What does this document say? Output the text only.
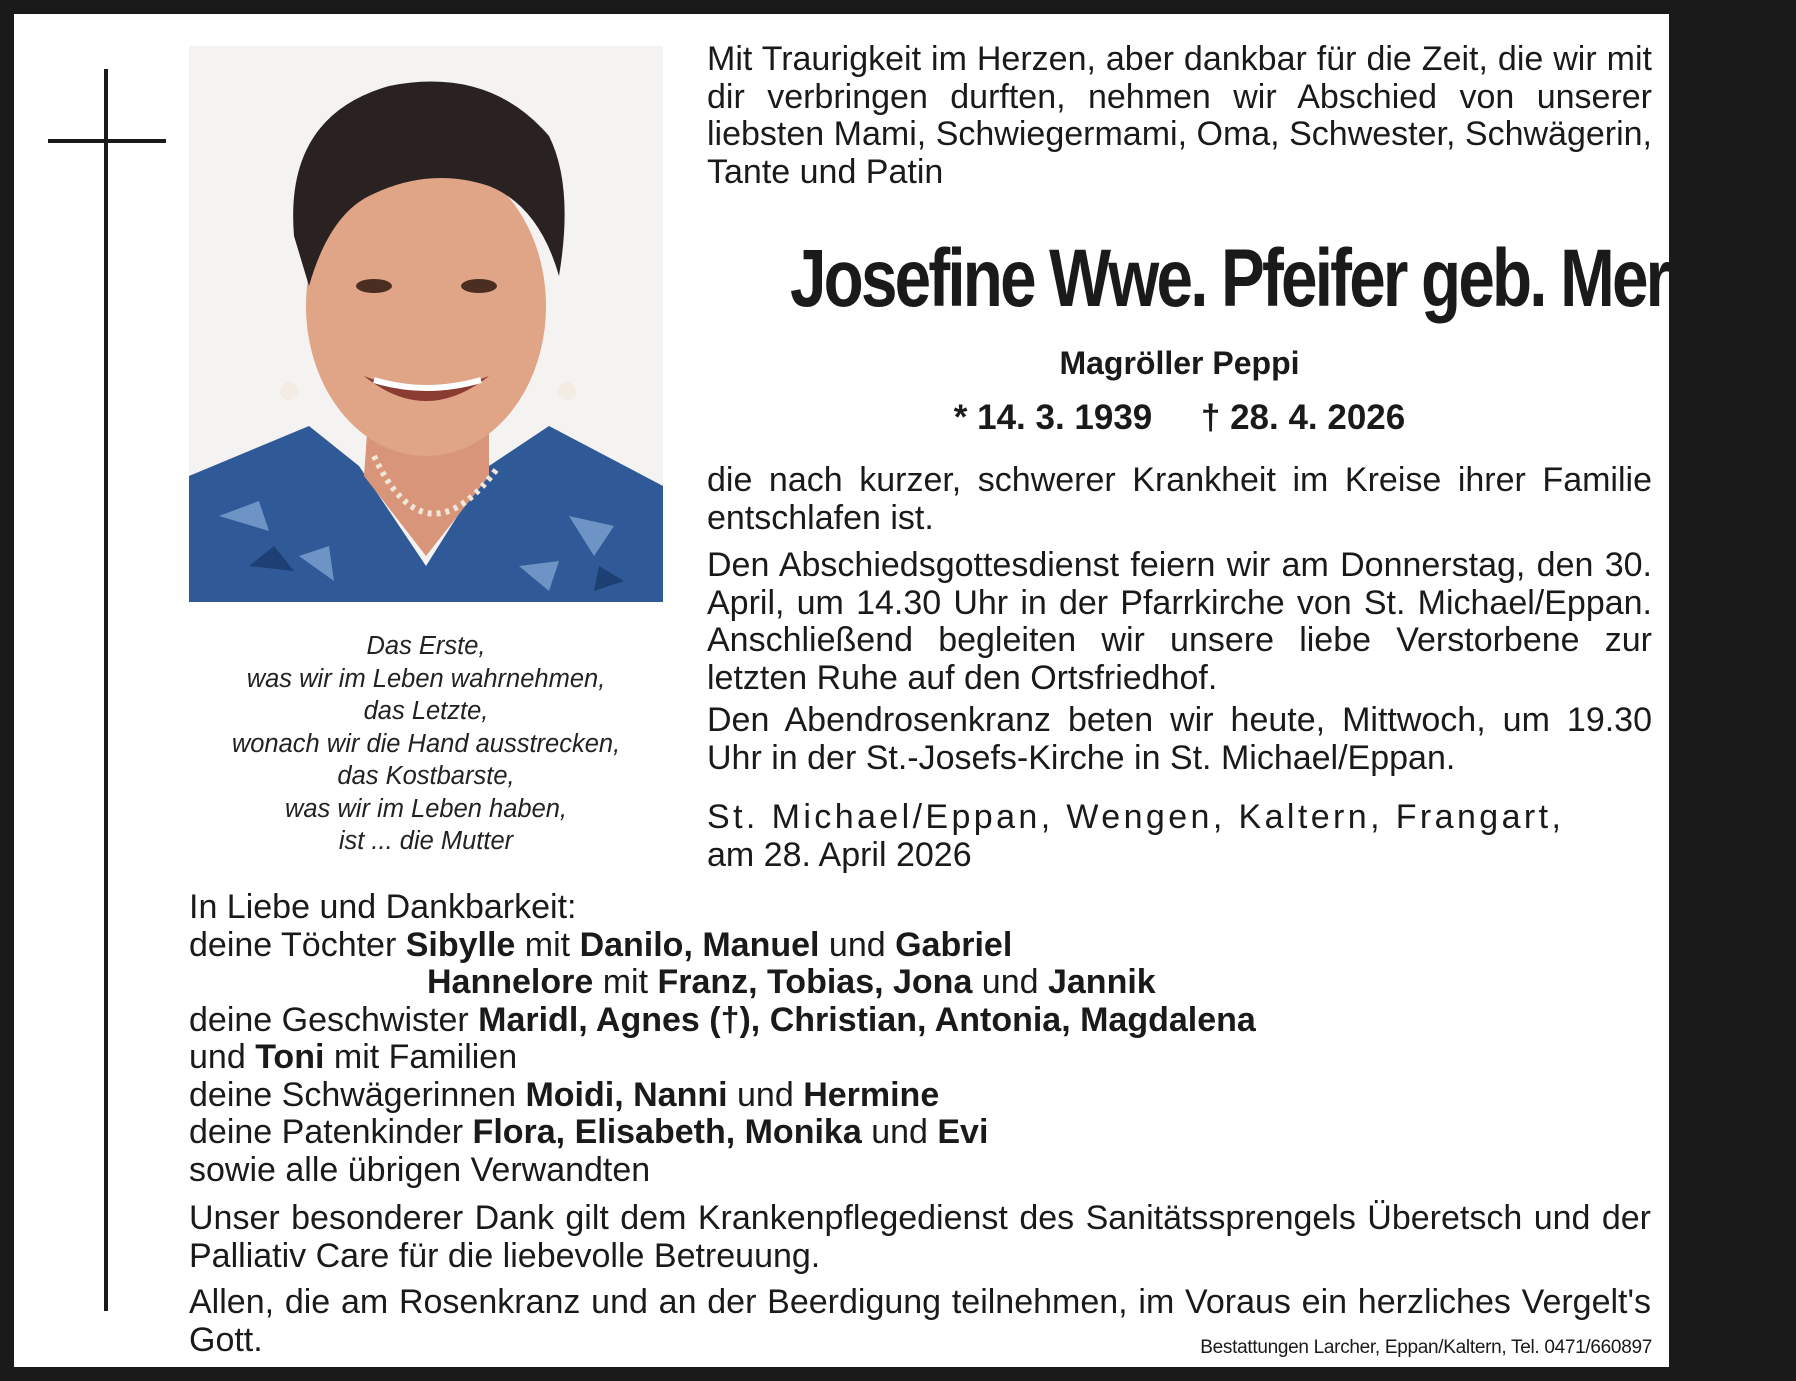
Das Erste,
was wir im Leben wahrnehmen,
das Letzte,
wonach wir die Hand ausstrecken,
das Kostbarste,
was wir im Leben haben,
ist ... die Mutter
Mit Traurigkeit im Herzen, aber dankbar für die Zeit, die wir mit dir verbringen durften, nehmen wir Abschied von unserer liebsten Mami, Schwiegermami, Oma, Schwester, Schwägerin, Tante und Patin
Josefine Wwe. Pfeifer geb. Meraner
Magröller Peppi
* 14. 3. 1939     † 28. 4. 2026
die nach kurzer, schwerer Krankheit im Kreise ihrer Familie entschlafen ist.
Den Abschiedsgottesdienst feiern wir am Donnerstag, den 30. April, um 14.30 Uhr in der Pfarrkirche von St. Michael/Eppan. Anschließend begleiten wir unsere liebe Verstorbene zur letzten Ruhe auf den Ortsfriedhof.
Den Abendrosenkranz beten wir heute, Mittwoch, um 19.30 Uhr in der St.-Josefs-Kirche in St. Michael/Eppan.
St. Michael/Eppan, Wengen, Kaltern, Frangart,
am 28. April 2026
In Liebe und Dankbarkeit:
deine Töchter Sibylle mit Danilo, Manuel und Gabriel
Hannelore mit Franz, Tobias, Jona und Jannik
deine Geschwister Maridl, Agnes (†), Christian, Antonia, Magdalena
und Toni mit Familien
deine Schwägerinnen Moidi, Nanni und Hermine
deine Patenkinder Flora, Elisabeth, Monika und Evi
sowie alle übrigen Verwandten
Unser besonderer Dank gilt dem Krankenpflegedienst des Sanitätssprengels Überetsch und der Palliativ Care für die liebevolle Betreuung.
Allen, die am Rosenkranz und an der Beerdigung teilnehmen, im Voraus ein herzliches Vergelt's Gott.	Bestattungen Larcher, Eppan/Kaltern, Tel. 0471/660897
